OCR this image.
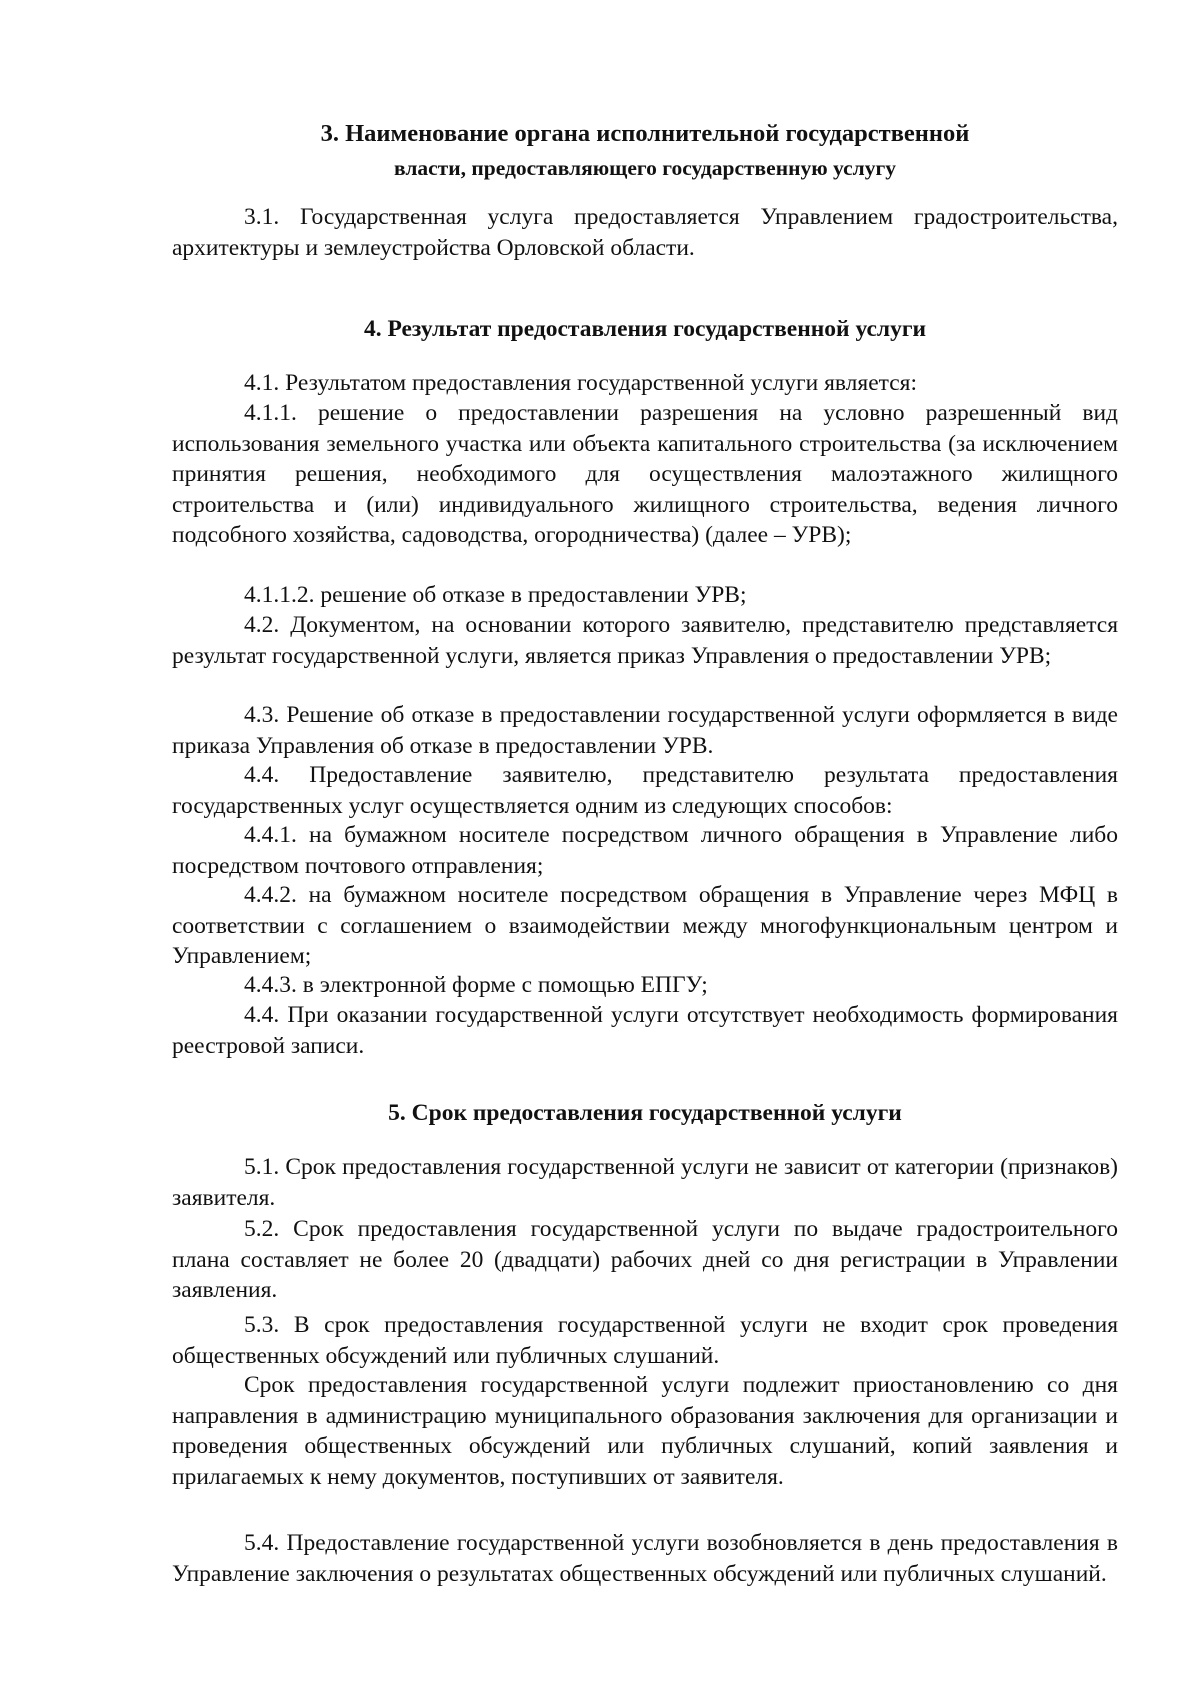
3. Наименование органа исполнительной государственной
власти, предоставляющего государственную услугу
3.1. Государственная услуга предоставляется Управлением градостроительства, архитектуры и землеустройства Орловской области.
4. Результат предоставления государственной услуги
4.1. Результатом предоставления государственной услуги является:
4.1.1. решение о предоставлении разрешения на условно разрешенный вид использования земельного участка или объекта капитального строительства (за исключением принятия решения, необходимого для осуществления малоэтажного жилищного строительства и (или) индивидуального жилищного строительства, ведения личного подсобного хозяйства, садоводства, огородничества) (далее – УРВ);
4.1.1.2. решение об отказе в предоставлении УРВ;
4.2. Документом, на основании которого заявителю, представителю представляется результат государственной услуги, является приказ Управления о предоставлении УРВ;
4.3. Решение об отказе в предоставлении государственной услуги оформляется в виде приказа Управления об отказе в предоставлении УРВ.
4.4. Предоставление заявителю, представителю результата предоставления государственных услуг осуществляется одним из следующих способов:
4.4.1. на бумажном носителе посредством личного обращения в Управление либо посредством почтового отправления;
4.4.2. на бумажном носителе посредством обращения в Управление через МФЦ в соответствии с соглашением о взаимодействии между многофункциональным центром и Управлением;
4.4.3. в электронной форме с помощью ЕПГУ;
4.4. При оказании государственной услуги отсутствует необходимость формирования реестровой записи.
5. Срок предоставления государственной услуги
5.1. Срок предоставления государственной услуги не зависит от категории (признаков) заявителя.
5.2. Срок предоставления государственной услуги по выдаче градостроительного плана составляет не более 20 (двадцати) рабочих дней со дня регистрации в Управлении заявления.
5.3. В срок предоставления государственной услуги не входит срок проведения общественных обсуждений или публичных слушаний.
Срок предоставления государственной услуги подлежит приостановлению со дня направления в администрацию муниципального образования заключения для организации и проведения общественных обсуждений или публичных слушаний, копий заявления и прилагаемых к нему документов, поступивших от заявителя.
5.4. Предоставление государственной услуги возобновляется в день предоставления в Управление заключения о результатах общественных обсуждений или публичных слушаний.
